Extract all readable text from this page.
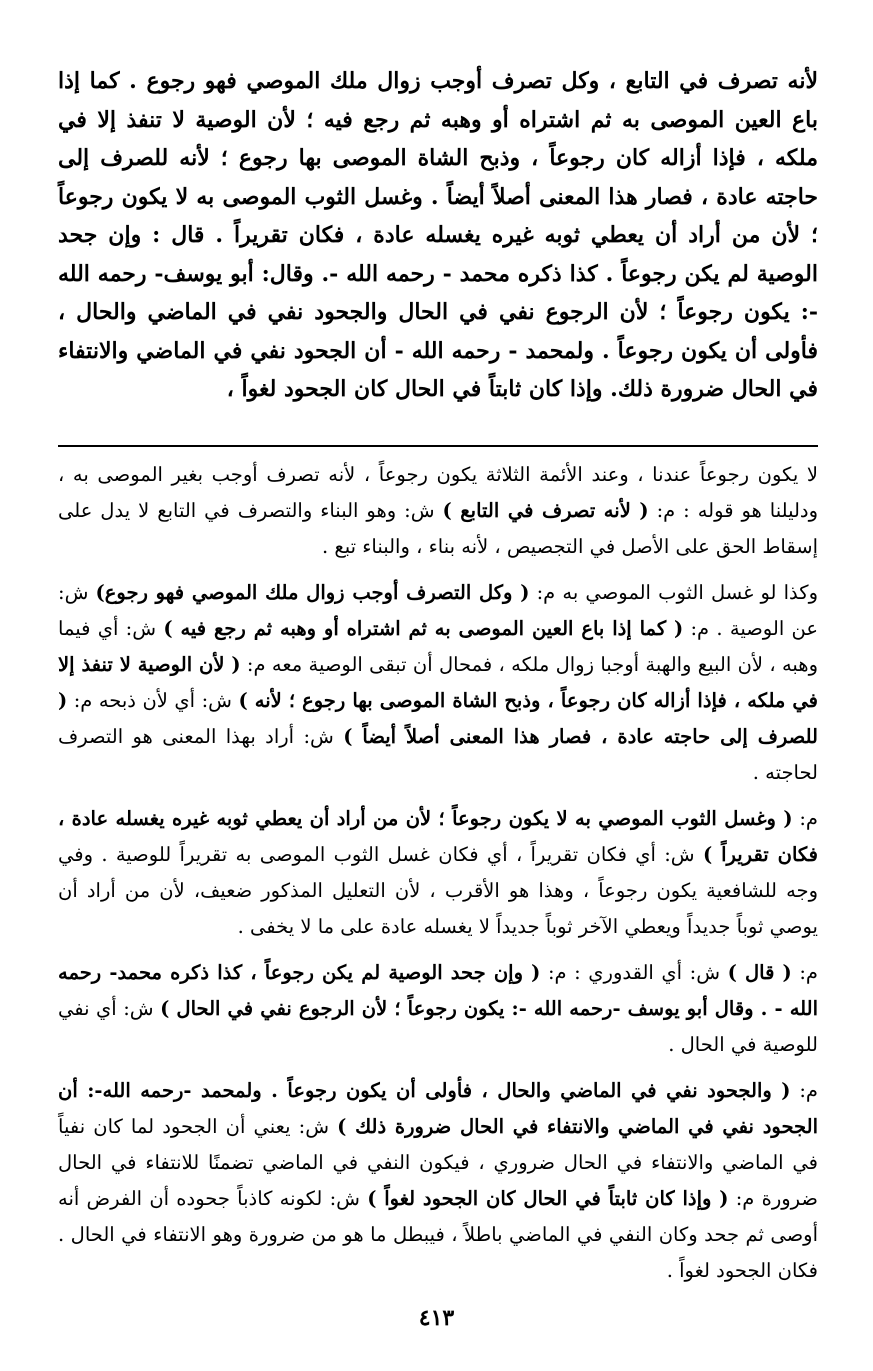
لأنه تصرف في التابع ، وكل تصرف أوجب زوال ملك الموصي فهو رجوع . كما إذا باع العين الموصى به ثم اشتراه أو وهبه ثم رجع فيه ؛ لأن الوصية لا تنفذ إلا في ملكه ، فإذا أزاله كان رجوعاً ، وذبح الشاة الموصى بها رجوع ؛ لأنه للصرف إلى حاجته عادة ، فصار هذا المعنى أصلاً أيضاً . وغسل الثوب الموصى به لا يكون رجوعاً ؛ لأن من أراد أن يعطي ثوبه غيره يغسله عادة ، فكان تقريراً . قال : وإن جحد الوصية لم يكن رجوعاً . كذا ذكره محمد - رحمه الله -. وقال: أبو يوسف- رحمه الله -: يكون رجوعاً ؛ لأن الرجوع نفي في الحال والجحود نفي في الماضي والحال ، فأولى أن يكون رجوعاً . ولمحمد - رحمه الله - أن الجحود نفي في الماضي والانتفاء في الحال ضرورة ذلك. وإذا كان ثابتاً في الحال كان الجحود لغواً ،

لا يكون رجوعاً عندنا ، وعند الأئمة الثلاثة يكون رجوعاً ، لأنه تصرف أوجب بغير الموصى به ، ودليلنا هو قوله : م: ( لأنه تصرف في التابع ) ش: وهو البناء والتصرف في التابع لا يدل على إسقاط الحق على الأصل في التجصيص ، لأنه بناء ، والبناء تبع .

وكذا لو غسل الثوب الموصي به م: ( وكل التصرف أوجب زوال ملك الموصي فهو رجوع) ش: عن الوصية . م: ( كما إذا باع العين الموصى به ثم اشتراه أو وهبه ثم رجع فيه ) ش: أي فيما وهبه ، لأن البيع والهبة أوجبا زوال ملكه ، فمحال أن تبقى الوصية معه م: ( لأن الوصية لا تنفذ إلا في ملكه ، فإذا أزاله كان رجوعاً ، وذبح الشاة الموصى بها رجوع ؛ لأنه ) ش: أي لأن ذبحه م: ( للصرف إلى حاجته عادة ، فصار هذا المعنى أصلاً أيضاً ) ش: أراد بهذا المعنى هو التصرف لحاجته .

م: ( وغسل الثوب الموصي به لا يكون رجوعاً ؛ لأن من أراد أن يعطي ثوبه غيره يغسله عادة ، فكان تقريراً ) ش: أي فكان تقريراً ، أي فكان غسل الثوب الموصى به تقريراً للوصية . وفي وجه للشافعية يكون رجوعاً ، وهذا هو الأقرب ، لأن التعليل المذكور ضعيف، لأن من أراد أن يوصي ثوباً جديداً ويعطي الآخر ثوباً جديداً لا يغسله عادة على ما لا يخفى .

م: ( قال ) ش: أي القدوري : م: ( وإن جحد الوصية لم يكن رجوعاً ، كذا ذكره محمد- رحمه الله - . وقال أبو يوسف -رحمه الله -: يكون رجوعاً ؛ لأن الرجوع نفي في الحال ) ش: أي نفي للوصية في الحال .

م: ( والجحود نفي في الماضي والحال ، فأولى أن يكون رجوعاً . ولمحمد -رحمه الله-: أن الجحود نفي في الماضي والانتفاء في الحال ضرورة ذلك ) ش: يعني أن الجحود لما كان نفياً في الماضي والانتفاء في الحال ضروري ، فيكون النفي في الماضي تضمنًا للانتفاء في الحال ضرورة م: ( وإذا كان ثابتاً في الحال كان الجحود لغواً ) ش: لكونه كاذباً جحوده أن الفرض أنه أوصى ثم جحد وكان النفي في الماضي باطلاً ، فيبطل ما هو من ضرورة وهو الانتفاء في الحال . فكان الجحود لغواً .

٤١٣
